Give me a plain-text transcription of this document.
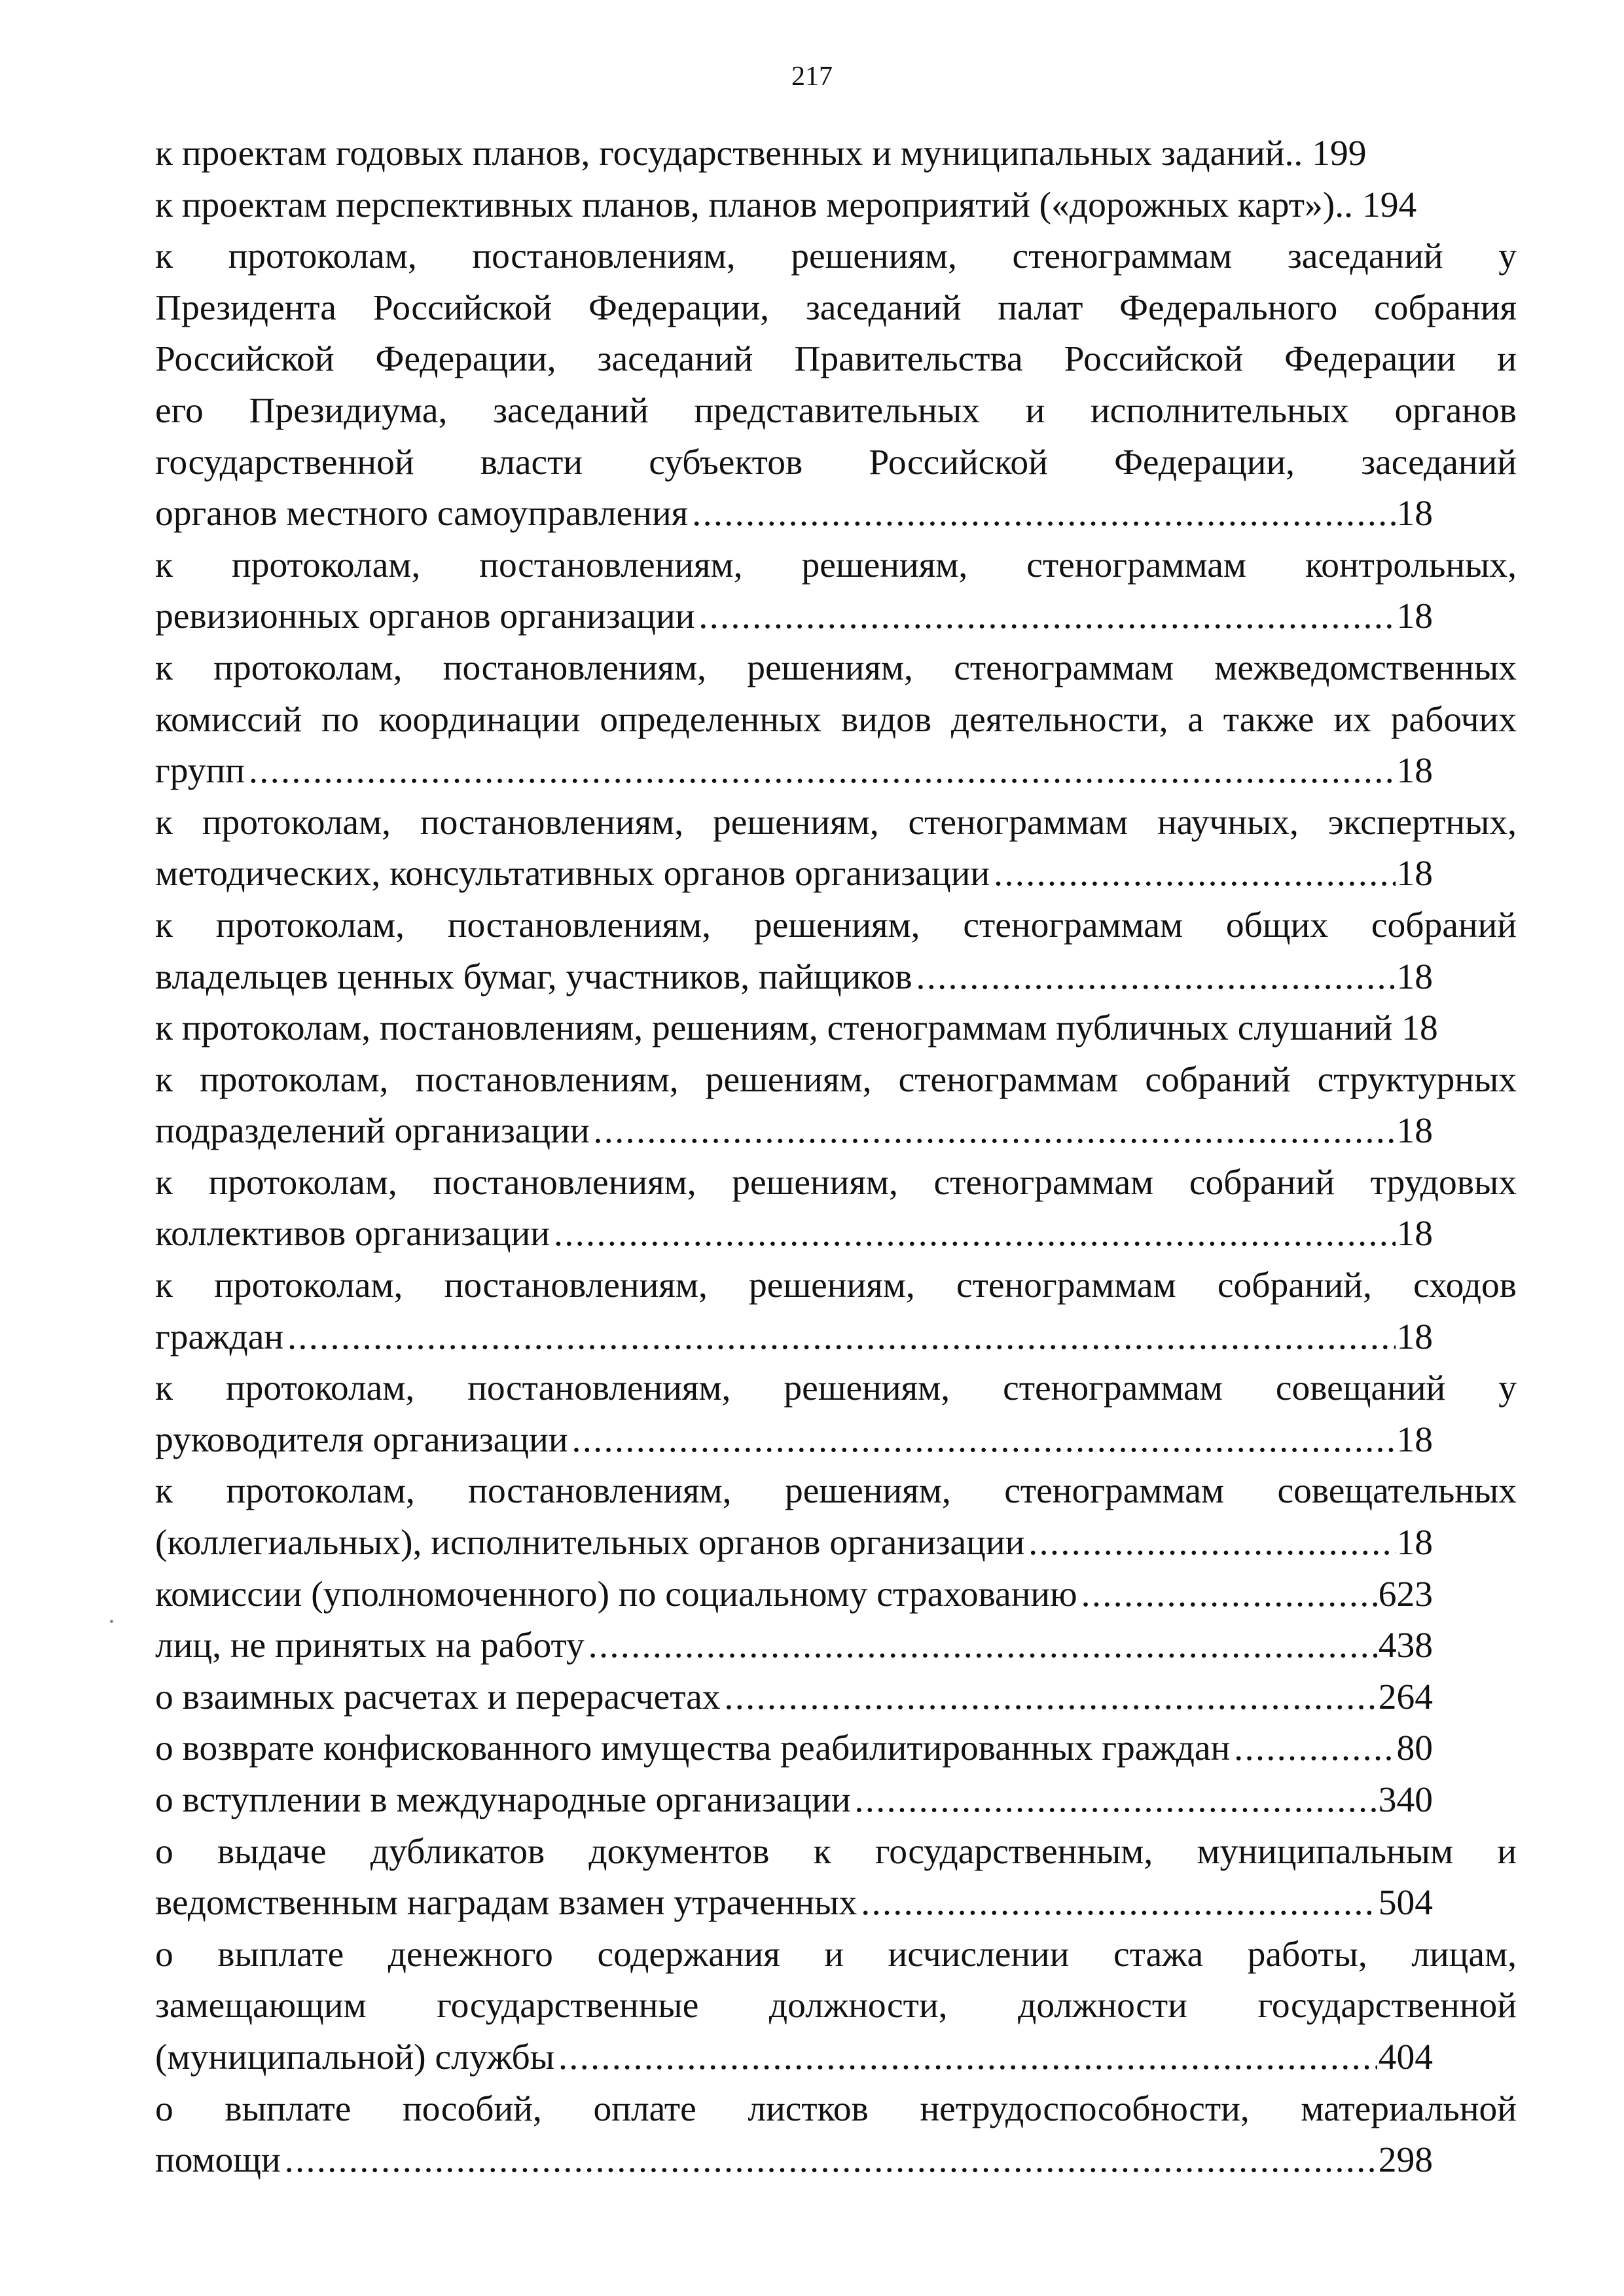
217
к проектам годовых планов, государственных и муниципальных заданий.. 199
к проектам перспективных планов, планов мероприятий («дорожных карт»).. 194
к протоколам, постановлениям, решениям, стенограммам заседаний у
Президента Российской Федерации, заседаний палат Федерального собрания
Российской Федерации, заседаний Правительства Российской Федерации и
его Президиума, заседаний представительных и исполнительных органов
государственной власти субъектов Российской Федерации, заседаний
органов местного самоуправления .....	18
к протоколам, постановлениям, решениям, стенограммам контрольных,
ревизионных органов организации .....	18
к протоколам, постановлениям, решениям, стенограммам межведомственных
комиссий по координации определенных видов деятельности, а также их рабочих
групп .....	18
к протоколам, постановлениям, решениям, стенограммам научных, экспертных,
методических, консультативных органов организации .....	18
к протоколам, постановлениям, решениям, стенограммам общих собраний
владельцев ценных бумаг, участников, пайщиков .....	18
к протоколам, постановлениям, решениям, стенограммам публичных слушаний 18
к протоколам, постановлениям, решениям, стенограммам собраний структурных
подразделений организации .....	18
к протоколам, постановлениям, решениям, стенограммам собраний трудовых
коллективов организации .....	18
к протоколам, постановлениям, решениям, стенограммам собраний, сходов
граждан .....	18
к протоколам, постановлениям, решениям, стенограммам совещаний у
руководителя организации .....	18
к протоколам, постановлениям, решениям, стенограммам совещательных
(коллегиальных), исполнительных органов организации .....	18
комиссии (уполномоченного) по социальному страхованию .....	623
лиц, не принятых на работу .....	438
о взаимных расчетах и перерасчетах .....	264
о возврате конфискованного имущества реабилитированных граждан .....	80
о вступлении в международные организации .....	340
о выдаче дубликатов документов к государственным, муниципальным и
ведомственным наградам взамен утраченных .....	504
о выплате денежного содержания и исчислении стажа работы, лицам,
замещающим государственные должности, должности государственной
(муниципальной) службы .....	404
о выплате пособий, оплате листков нетрудоспособности, материальной
помощи .....	298
